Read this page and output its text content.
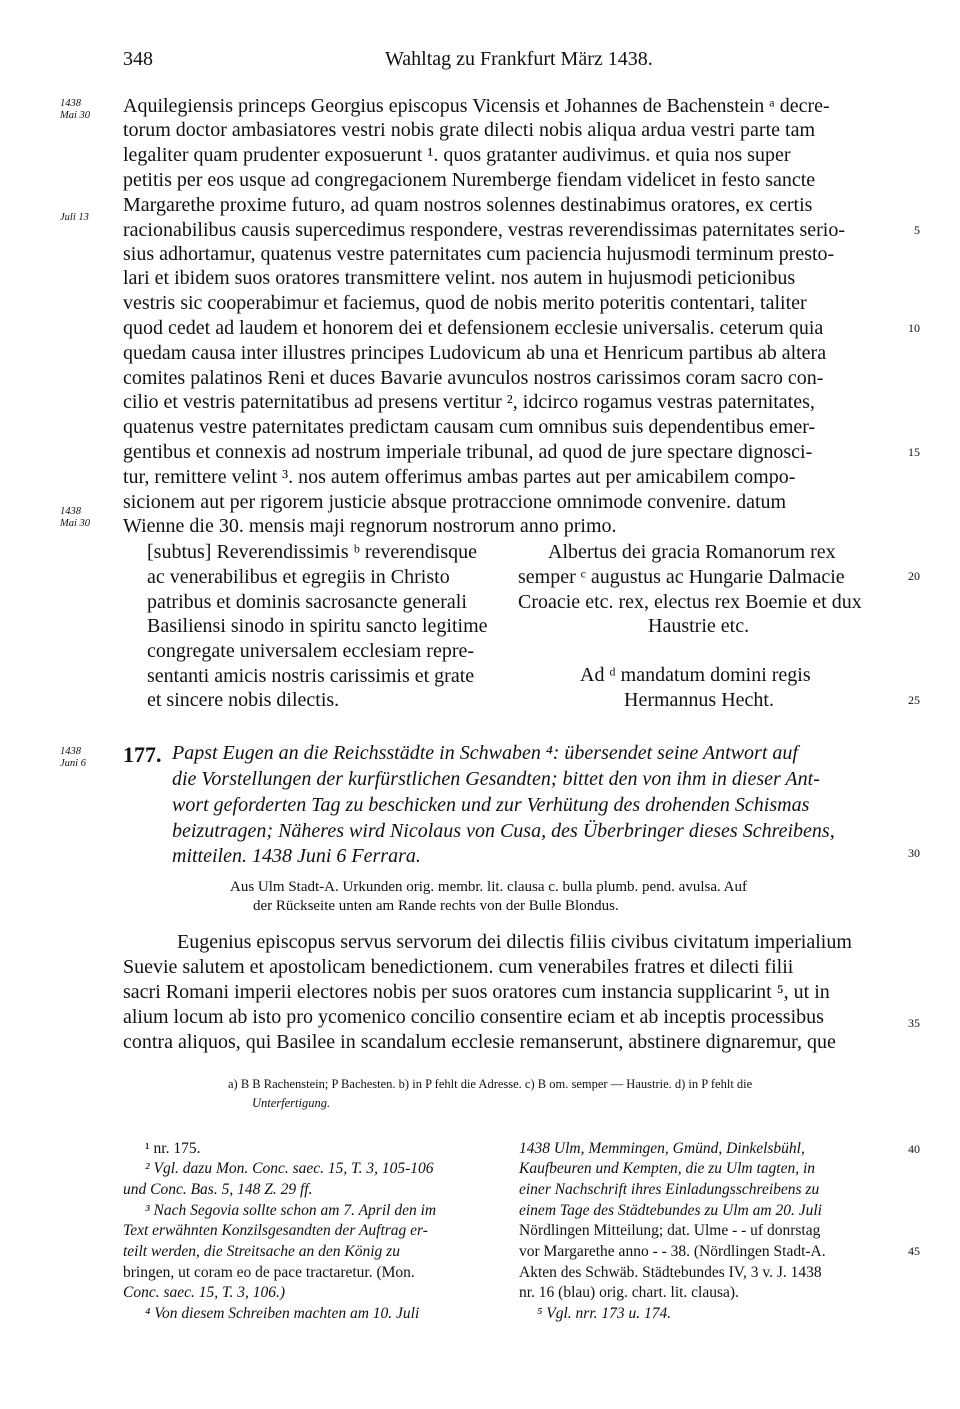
348	Wahltag zu Frankfurt März 1438.
1438
Mai 30
Juli 13
1438
Mai 30
1438
Juni 6
Aquilegiensis princeps Georgius episcopus Vicensis et Johannes de Bachenstein ᵃ decre-
torum doctor ambasiatores vestri nobis grate dilecti nobis aliqua ardua vestri parte tam
legaliter quam prudenter exposuerunt ¹. quos gratanter audivimus. et quia nos super
petitis per eos usque ad congregacionem Nuremberge fiendam videlicet in festo sancte
Margarethe proxime futuro, ad quam nostros solennes destinabimus oratores, ex certis
racionabilibus causis supercedimus respondere, vestras reverendissimas paternitates serio-
sius adhortamur, quatenus vestre paternitates cum paciencia hujusmodi terminum presto-
lari et ibidem suos oratores transmittere velint. nos autem in hujusmodi peticionibus
vestris sic cooperabimur et faciemus, quod de nobis merito poteritis contentari, taliter
quod cedet ad laudem et honorem dei et defensionem ecclesie universalis. ceterum quia
quedam causa inter illustres principes Ludovicum ab una et Henricum partibus ab altera
comites palatinos Reni et duces Bavarie avunculos nostros carissimos coram sacro con-
cilio et vestris paternitatibus ad presens vertitur ², idcirco rogamus vestras paternitates,
quatenus vestre paternitates predictam causam cum omnibus suis dependentibus emer-
gentibus et connexis ad nostrum imperiale tribunal, ad quod de jure spectare dignosci-
tur, remittere velint ³. nos autem offerimus ambas partes aut per amicabilem compo-
sicionem aut per rigorem justicie absque protraccione omnimode convenire. datum
Wienne die 30. mensis maji regnorum nostrorum anno primo.
5
10
15
20
25
30
35
40
45
[subtus] Reverendissimis ᵇ reverendisque
ac venerabilibus et egregiis in Christo
patribus et dominis sacrosancte generali
Basiliensi sinodo in spiritu sancto legitime
congregate universalem ecclesiam repre-
sentanti amicis nostris carissimis et grate
et sincere nobis dilectis.
Albertus dei gracia Romanorum rex
semper ᶜ augustus ac Hungarie Dalmacie
Croacie etc. rex, electus rex Boemie et dux
Haustrie etc.
Ad ᵈ mandatum domini regis
Hermannus Hecht.
177. Papst Eugen an die Reichsstädte in Schwaben ⁴: übersendet seine Antwort auf
die Vorstellungen der kurfürstlichen Gesandten; bittet den von ihm in dieser Ant-
wort geforderten Tag zu beschicken und zur Verhütung des drohenden Schismas
beizutragen; Näheres wird Nicolaus von Cusa, des Überbringer dieses Schreibens,
mitteilen. 1438 Juni 6 Ferrara.
Aus Ulm Stadt-A. Urkunden orig. membr. lit. clausa c. bulla plumb. pend. avulsa. Auf
der Rückseite unten am Rande rechts von der Bulle Blondus.
Eugenius episcopus servus servorum dei dilectis filiis civibus civitatum imperialium
Suevie salutem et apostolicam benedictionem. cum venerabiles fratres et dilecti filii
sacri Romani imperii electores nobis per suos oratores cum instancia supplicarint ⁵, ut in
alium locum ab isto pro ycomenico concilio consentire eciam et ab inceptis processibus
contra aliquos, qui Basilee in scandalum ecclesie remanserunt, abstinere dignaremur, que
a) B B Rachenstein; P Bachesten. b) in P fehlt die Adresse. c) B om. semper — Haustrie. d) in P fehlt die
Unterfertigung.
¹ nr. 175.
² Vgl. dazu Mon. Conc. saec. 15, T. 3, 105-106
und Conc. Bas. 5, 148 Z. 29 ff.
³ Nach Segovia sollte schon am 7. April den im
Text erwähnten Konzilsgesandten der Auftrag er-
teilt werden, die Streitsache an den König zu
bringen, ut coram eo de pace tractaretur. (Mon.
Conc. saec. 15, T. 3, 106.)
⁴ Von diesem Schreiben machten am 10. Juli
1438 Ulm, Memmingen, Gmünd, Dinkelsbühl,
Kaufbeuren und Kempten, die zu Ulm tagten, in
einer Nachschrift ihres Einladungsschreibens zu
einem Tage des Städtebundes zu Ulm am 20. Juli
Nördlingen Mitteilung; dat. Ulme - - uf donrstag
vor Margarethe anno - - 38. (Nördlingen Stadt-A.
Akten des Schwäb. Städtebundes IV, 3 v. J. 1438
nr. 16 (blau) orig. chart. lit. clausa).
⁵ Vgl. nrr. 173 u. 174.
